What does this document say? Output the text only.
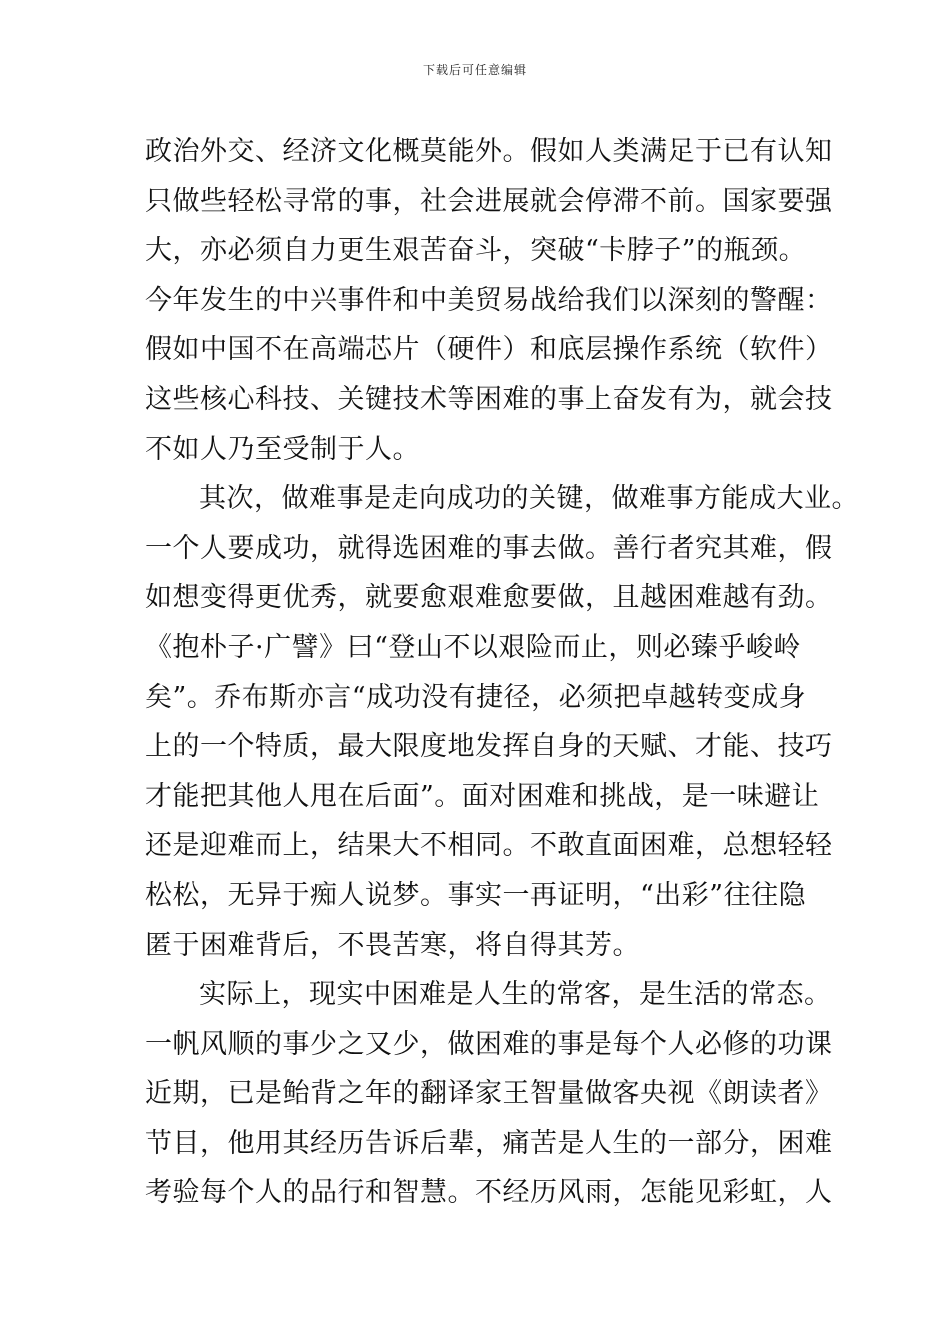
下载后可任意编辑
政治外交、经济文化概莫能外。假如人类满足于已有认知
只做些轻松寻常的事，社会进展就会停滞不前。国家要强
大，亦必须自力更生艰苦奋斗，突破“卡脖子”的瓶颈。
今年发生的中兴事件和中美贸易战给我们以深刻的警醒：
假如中国不在高端芯片（硬件）和底层操作系统（软件）
这些核心科技、关键技术等困难的事上奋发有为，就会技
不如人乃至受制于人。
其次，做难事是走向成功的关键，做难事方能成大业。
一个人要成功，就得选困难的事去做。善行者究其难，假
如想变得更优秀，就要愈艰难愈要做，且越困难越有劲。
《抱朴子·广譬》曰“登山不以艰险而止，则必臻乎峻岭
矣”。乔布斯亦言“成功没有捷径，必须把卓越转变成身
上的一个特质，最大限度地发挥自身的天赋、才能、技巧
才能把其他人甩在后面”。面对困难和挑战，是一味避让
还是迎难而上，结果大不相同。不敢直面困难，总想轻轻
松松，无异于痴人说梦。事实一再证明，“出彩”往往隐
匿于困难背后，不畏苦寒，将自得其芳。
实际上，现实中困难是人生的常客，是生活的常态。
一帆风顺的事少之又少，做困难的事是每个人必修的功课
近期，已是鲐背之年的翻译家王智量做客央视《朗读者》
节目，他用其经历告诉后辈，痛苦是人生的一部分，困难
考验每个人的品行和智慧。不经历风雨，怎能见彩虹，人
